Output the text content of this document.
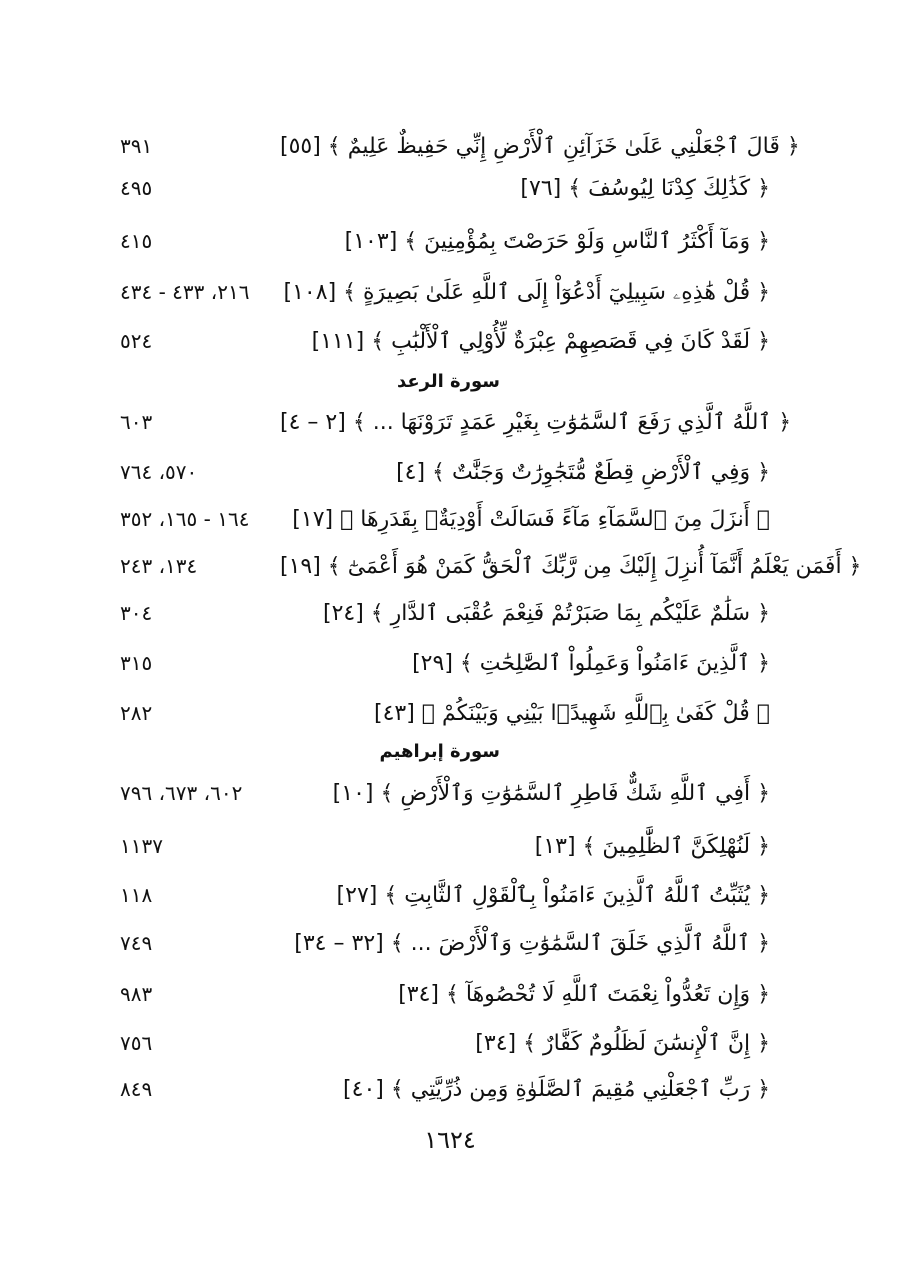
٣٩١	﴿ قَالَ ٱجْعَلْنِي عَلَىٰ خَزَآئِنِ ٱلْأَرْضِ إِنِّي حَفِيظٌ عَلِيمٌ ﴾ [٥٥]
٤٩٥	﴿ كَذَٰلِكَ كِدْنَا لِيُوسُفَ ﴾ [٧٦]
٤١٥	﴿ وَمَآ أَكْثَرُ ٱلنَّاسِ وَلَوْ حَرَصْتَ بِمُؤْمِنِينَ ﴾ [١٠٣]
٢١٦، ٤٣٣ - ٤٣٤	﴿ قُلْ هَٰذِهِۦ سَبِيلِيٓ أَدْعُوٓاْ إِلَى ٱللَّهِ عَلَىٰ بَصِيرَةٍ ﴾ [١٠٨]
٥٢٤	﴿ لَقَدْ كَانَ فِي قَصَصِهِمْ عِبْرَةٌ لِّأُوْلِي ٱلْأَلْبَٰبِ ﴾ [١١١]
سورة الرعد
٦٠٣	﴿ ٱللَّهُ ٱلَّذِي رَفَعَ ٱلسَّمَٰوَٰتِ بِغَيْرِ عَمَدٍ تَرَوْنَهَا ... ﴾ [٢ – ٤]
٥٧٠، ٧٦٤	﴿ وَفِي ٱلْأَرْضِ قِطَعٌ مُّتَجَٰوِرَٰتٌ وَجَنَّٰتٌ ﴾ [٤]
١٦٤ - ١٦٥، ٣٥٢	﴿ أَنزَلَ مِنَ ٱلسَّمَآءِ مَآءً فَسَالَتْ أَوْدِيَةٌۢ بِقَدَرِهَا ﴾ [١٧]
١٣٤، ٢٤٣	﴿ أَفَمَن يَعْلَمُ أَنَّمَآ أُنزِلَ إِلَيْكَ مِن رَّبِّكَ ٱلْحَقُّ كَمَنْ هُوَ أَعْمَىٰٓ ﴾ [١٩]
٣٠٤	﴿ سَلَٰمٌ عَلَيْكُم بِمَا صَبَرْتُمْ فَنِعْمَ عُقْبَى ٱلدَّارِ ﴾ [٢٤]
٣١٥	﴿ ٱلَّذِينَ ءَامَنُواْ وَعَمِلُواْ ٱلصَّٰلِحَٰتِ ﴾ [٢٩]
٢٨٢	﴿ قُلْ كَفَىٰ بِٱللَّهِ شَهِيدًۢا بَيْنِي وَبَيْنَكُمْ ﴾ [٤٣]
سورة إبراهيم
٦٠٢، ٦٧٣، ٧٩٦	﴿ أَفِي ٱللَّهِ شَكٌّ فَاطِرِ ٱلسَّمَٰوَٰتِ وَٱلْأَرْضِ ﴾ [١٠]
١١٣٧	﴿ لَنُهْلِكَنَّ ٱلظَّٰلِمِينَ ﴾ [١٣]
١١٨	﴿ يُثَبِّتُ ٱللَّهُ ٱلَّذِينَ ءَامَنُواْ بِٱلْقَوْلِ ٱلثَّابِتِ ﴾ [٢٧]
٧٤٩	﴿ ٱللَّهُ ٱلَّذِي خَلَقَ ٱلسَّمَٰوَٰتِ وَٱلْأَرْضَ ... ﴾ [٣٢ – ٣٤]
٩٨٣	﴿ وَإِن تَعُدُّواْ نِعْمَتَ ٱللَّهِ لَا تُحْصُوهَآ ﴾ [٣٤]
٧٥٦	﴿ إِنَّ ٱلْإِنسَٰنَ لَظَلُومٌ كَفَّارٌ ﴾ [٣٤]
٨٤٩	﴿ رَبِّ ٱجْعَلْنِي مُقِيمَ ٱلصَّلَوٰةِ وَمِن ذُرِّيَّتِي ﴾ [٤٠]
١٦٢٤
